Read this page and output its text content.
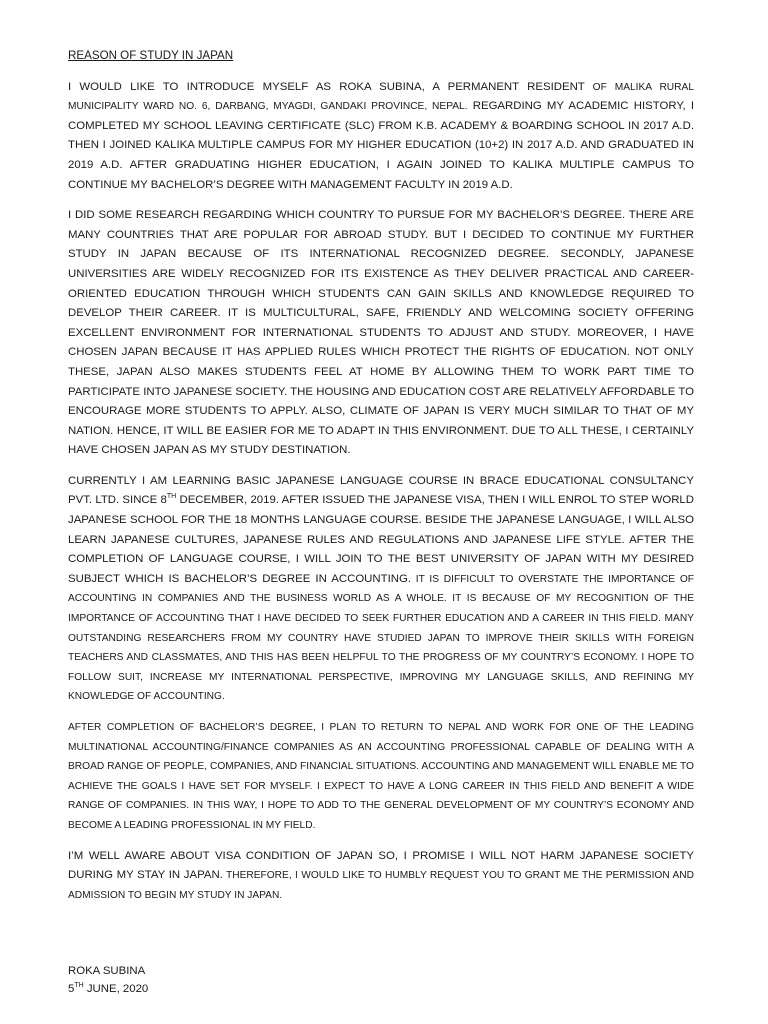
REASON OF STUDY IN JAPAN

I WOULD LIKE TO INTRODUCE MYSELF AS ROKA SUBINA, A PERMANENT RESIDENT OF MALIKA RURAL MUNICIPALITY WARD NO. 6, DARBANG, MYAGDI, GANDAKI PROVINCE, NEPAL. REGARDING MY ACADEMIC HISTORY, I COMPLETED MY SCHOOL LEAVING CERTIFICATE (SLC) FROM K.B. ACADEMY & BOARDING SCHOOL IN 2017 A.D. THEN I JOINED KALIKA MULTIPLE CAMPUS FOR MY HIGHER EDUCATION (10+2) IN 2017 A.D. AND GRADUATED IN 2019 A.D. AFTER GRADUATING HIGHER EDUCATION, I AGAIN JOINED TO KALIKA MULTIPLE CAMPUS TO CONTINUE MY BACHELOR’S DEGREE WITH MANAGEMENT FACULTY IN 2019 A.D.

I DID SOME RESEARCH REGARDING WHICH COUNTRY TO PURSUE FOR MY BACHELOR’S DEGREE. THERE ARE MANY COUNTRIES THAT ARE POPULAR FOR ABROAD STUDY. BUT I DECIDED TO CONTINUE MY FURTHER STUDY IN JAPAN BECAUSE OF ITS INTERNATIONAL RECOGNIZED DEGREE. SECONDLY, JAPANESE UNIVERSITIES ARE WIDELY RECOGNIZED FOR ITS EXISTENCE AS THEY DELIVER PRACTICAL AND CAREER-ORIENTED EDUCATION THROUGH WHICH STUDENTS CAN GAIN SKILLS AND KNOWLEDGE REQUIRED TO DEVELOP THEIR CAREER. IT IS MULTICULTURAL, SAFE, FRIENDLY AND WELCOMING SOCIETY OFFERING EXCELLENT ENVIRONMENT FOR INTERNATIONAL STUDENTS TO ADJUST AND STUDY. MOREOVER, I HAVE CHOSEN JAPAN BECAUSE IT HAS APPLIED RULES WHICH PROTECT THE RIGHTS OF EDUCATION. NOT ONLY THESE, JAPAN ALSO MAKES STUDENTS FEEL AT HOME BY ALLOWING THEM TO WORK PART TIME TO PARTICIPATE INTO JAPANESE SOCIETY. THE HOUSING AND EDUCATION COST ARE RELATIVELY AFFORDABLE TO ENCOURAGE MORE STUDENTS TO APPLY. ALSO, CLIMATE OF JAPAN IS VERY MUCH SIMILAR TO THAT OF MY NATION. HENCE, IT WILL BE EASIER FOR ME TO ADAPT IN THIS ENVIRONMENT. DUE TO ALL THESE, I CERTAINLY HAVE CHOSEN JAPAN AS MY STUDY DESTINATION.

CURRENTLY I AM LEARNING BASIC JAPANESE LANGUAGE COURSE IN BRACE EDUCATIONAL CONSULTANCY PVT. LTD. SINCE 8TH DECEMBER, 2019. AFTER ISSUED THE JAPANESE VISA, THEN I WILL ENROL TO STEP WORLD JAPANESE SCHOOL FOR THE 18 MONTHS LANGUAGE COURSE. BESIDE THE JAPANESE LANGUAGE, I WILL ALSO LEARN JAPANESE CULTURES, JAPANESE RULES AND REGULATIONS AND JAPANESE LIFE STYLE. AFTER THE COMPLETION OF LANGUAGE COURSE, I WILL JOIN TO THE BEST UNIVERSITY OF JAPAN WITH MY DESIRED SUBJECT WHICH IS BACHELOR’S DEGREE IN ACCOUNTING. IT IS DIFFICULT TO OVERSTATE THE IMPORTANCE OF ACCOUNTING IN COMPANIES AND THE BUSINESS WORLD AS A WHOLE. IT IS BECAUSE OF MY RECOGNITION OF THE IMPORTANCE OF ACCOUNTING THAT I HAVE DECIDED TO SEEK FURTHER EDUCATION AND A CAREER IN THIS FIELD. MANY OUTSTANDING RESEARCHERS FROM MY COUNTRY HAVE STUDIED JAPAN TO IMPROVE THEIR SKILLS WITH FOREIGN TEACHERS AND CLASSMATES, AND THIS HAS BEEN HELPFUL TO THE PROGRESS OF MY COUNTRY’S ECONOMY. I HOPE TO FOLLOW SUIT, INCREASE MY INTERNATIONAL PERSPECTIVE, IMPROVING MY LANGUAGE SKILLS, AND REFINING MY KNOWLEDGE OF ACCOUNTING.

AFTER COMPLETION OF BACHELOR’S DEGREE, I PLAN TO RETURN TO NEPAL AND WORK FOR ONE OF THE LEADING MULTINATIONAL ACCOUNTING/FINANCE COMPANIES AS AN ACCOUNTING PROFESSIONAL CAPABLE OF DEALING WITH A BROAD RANGE OF PEOPLE, COMPANIES, AND FINANCIAL SITUATIONS. ACCOUNTING AND MANAGEMENT WILL ENABLE ME TO ACHIEVE THE GOALS I HAVE SET FOR MYSELF. I EXPECT TO HAVE A LONG CAREER IN THIS FIELD AND BENEFIT A WIDE RANGE OF COMPANIES. IN THIS WAY, I HOPE TO ADD TO THE GENERAL DEVELOPMENT OF MY COUNTRY’S ECONOMY AND BECOME A LEADING PROFESSIONAL IN MY FIELD.

I’M WELL AWARE ABOUT VISA CONDITION OF JAPAN SO, I PROMISE I WILL NOT HARM JAPANESE SOCIETY DURING MY STAY IN JAPAN. THEREFORE, I WOULD LIKE TO HUMBLY REQUEST YOU TO GRANT ME THE PERMISSION AND ADMISSION TO BEGIN MY STUDY IN JAPAN.

ROKA SUBINA
5TH JUNE, 2020
